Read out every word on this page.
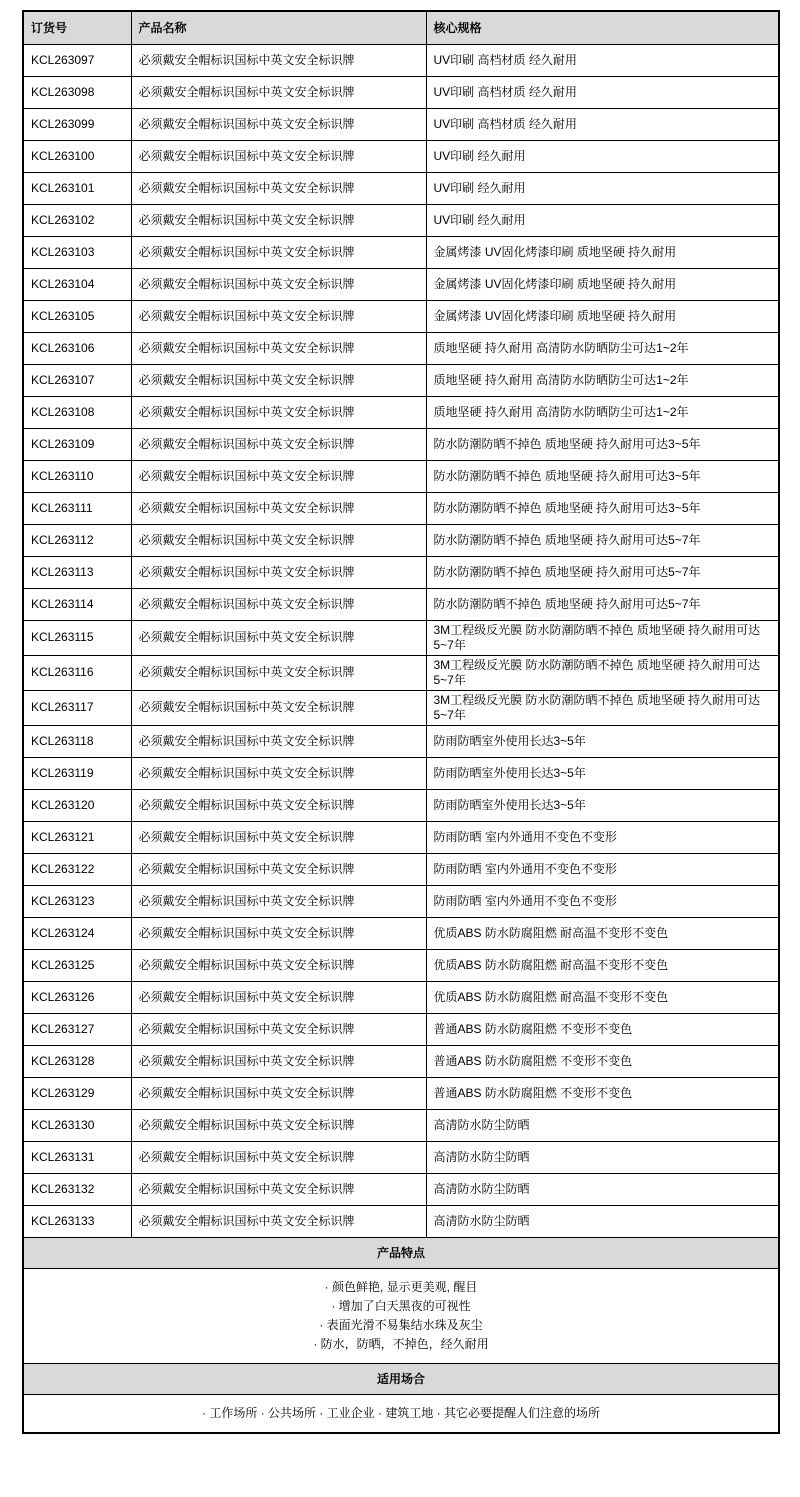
订货号	产品名称	核心规格
KCL263097	必须戴安全帽标识国标中英文安全标识牌	UV印刷 高档材质 经久耐用
KCL263098	必须戴安全帽标识国标中英文安全标识牌	UV印刷 高档材质 经久耐用
KCL263099	必须戴安全帽标识国标中英文安全标识牌	UV印刷 高档材质 经久耐用
KCL263100	必须戴安全帽标识国标中英文安全标识牌	UV印刷 经久耐用
KCL263101	必须戴安全帽标识国标中英文安全标识牌	UV印刷 经久耐用
KCL263102	必须戴安全帽标识国标中英文安全标识牌	UV印刷 经久耐用
KCL263103	必须戴安全帽标识国标中英文安全标识牌	金属烤漆 UV固化烤漆印刷 质地坚硬 持久耐用
KCL263104	必须戴安全帽标识国标中英文安全标识牌	金属烤漆 UV固化烤漆印刷 质地坚硬 持久耐用
KCL263105	必须戴安全帽标识国标中英文安全标识牌	金属烤漆 UV固化烤漆印刷 质地坚硬 持久耐用
KCL263106	必须戴安全帽标识国标中英文安全标识牌	质地坚硬 持久耐用 高清防水防晒防尘可达1~2年
KCL263107	必须戴安全帽标识国标中英文安全标识牌	质地坚硬 持久耐用 高清防水防晒防尘可达1~2年
KCL263108	必须戴安全帽标识国标中英文安全标识牌	质地坚硬 持久耐用 高清防水防晒防尘可达1~2年
KCL263109	必须戴安全帽标识国标中英文安全标识牌	防水防潮防晒不掉色 质地坚硬 持久耐用可达3~5年
KCL263110	必须戴安全帽标识国标中英文安全标识牌	防水防潮防晒不掉色 质地坚硬 持久耐用可达3~5年
KCL263111	必须戴安全帽标识国标中英文安全标识牌	防水防潮防晒不掉色 质地坚硬 持久耐用可达3~5年
KCL263112	必须戴安全帽标识国标中英文安全标识牌	防水防潮防晒不掉色 质地坚硬 持久耐用可达5~7年
KCL263113	必须戴安全帽标识国标中英文安全标识牌	防水防潮防晒不掉色 质地坚硬 持久耐用可达5~7年
KCL263114	必须戴安全帽标识国标中英文安全标识牌	防水防潮防晒不掉色 质地坚硬 持久耐用可达5~7年
KCL263115	必须戴安全帽标识国标中英文安全标识牌	3M工程级反光膜 防水防潮防晒不掉色 质地坚硬 持久耐用可达5~7年
KCL263116	必须戴安全帽标识国标中英文安全标识牌	3M工程级反光膜 防水防潮防晒不掉色 质地坚硬 持久耐用可达5~7年
KCL263117	必须戴安全帽标识国标中英文安全标识牌	3M工程级反光膜 防水防潮防晒不掉色 质地坚硬 持久耐用可达5~7年
KCL263118	必须戴安全帽标识国标中英文安全标识牌	防雨防晒室外使用长达3~5年
KCL263119	必须戴安全帽标识国标中英文安全标识牌	防雨防晒室外使用长达3~5年
KCL263120	必须戴安全帽标识国标中英文安全标识牌	防雨防晒室外使用长达3~5年
KCL263121	必须戴安全帽标识国标中英文安全标识牌	防雨防晒 室内外通用不变色不变形
KCL263122	必须戴安全帽标识国标中英文安全标识牌	防雨防晒 室内外通用不变色不变形
KCL263123	必须戴安全帽标识国标中英文安全标识牌	防雨防晒 室内外通用不变色不变形
KCL263124	必须戴安全帽标识国标中英文安全标识牌	优质ABS 防水防腐阻燃 耐高温不变形不变色
KCL263125	必须戴安全帽标识国标中英文安全标识牌	优质ABS 防水防腐阻燃 耐高温不变形不变色
KCL263126	必须戴安全帽标识国标中英文安全标识牌	优质ABS 防水防腐阻燃 耐高温不变形不变色
KCL263127	必须戴安全帽标识国标中英文安全标识牌	普通ABS 防水防腐阻燃 不变形不变色
KCL263128	必须戴安全帽标识国标中英文安全标识牌	普通ABS 防水防腐阻燃 不变形不变色
KCL263129	必须戴安全帽标识国标中英文安全标识牌	普通ABS 防水防腐阻燃 不变形不变色
KCL263130	必须戴安全帽标识国标中英文安全标识牌	高清防水防尘防晒
KCL263131	必须戴安全帽标识国标中英文安全标识牌	高清防水防尘防晒
KCL263132	必须戴安全帽标识国标中英文安全标识牌	高清防水防尘防晒
KCL263133	必须戴安全帽标识国标中英文安全标识牌	高清防水防尘防晒
产品特点		

· 颜色鲜艳, 显示更美观, 醒目
· 增加了白天黑夜的可视性
· 表面光滑不易集结水珠及灰尘
· 防水，防晒，不掉色，经久耐用		

适用场合		
· 工作场所 · 公共场所 · 工业企业 · 建筑工地 · 其它必要提醒人们注意的场所		
